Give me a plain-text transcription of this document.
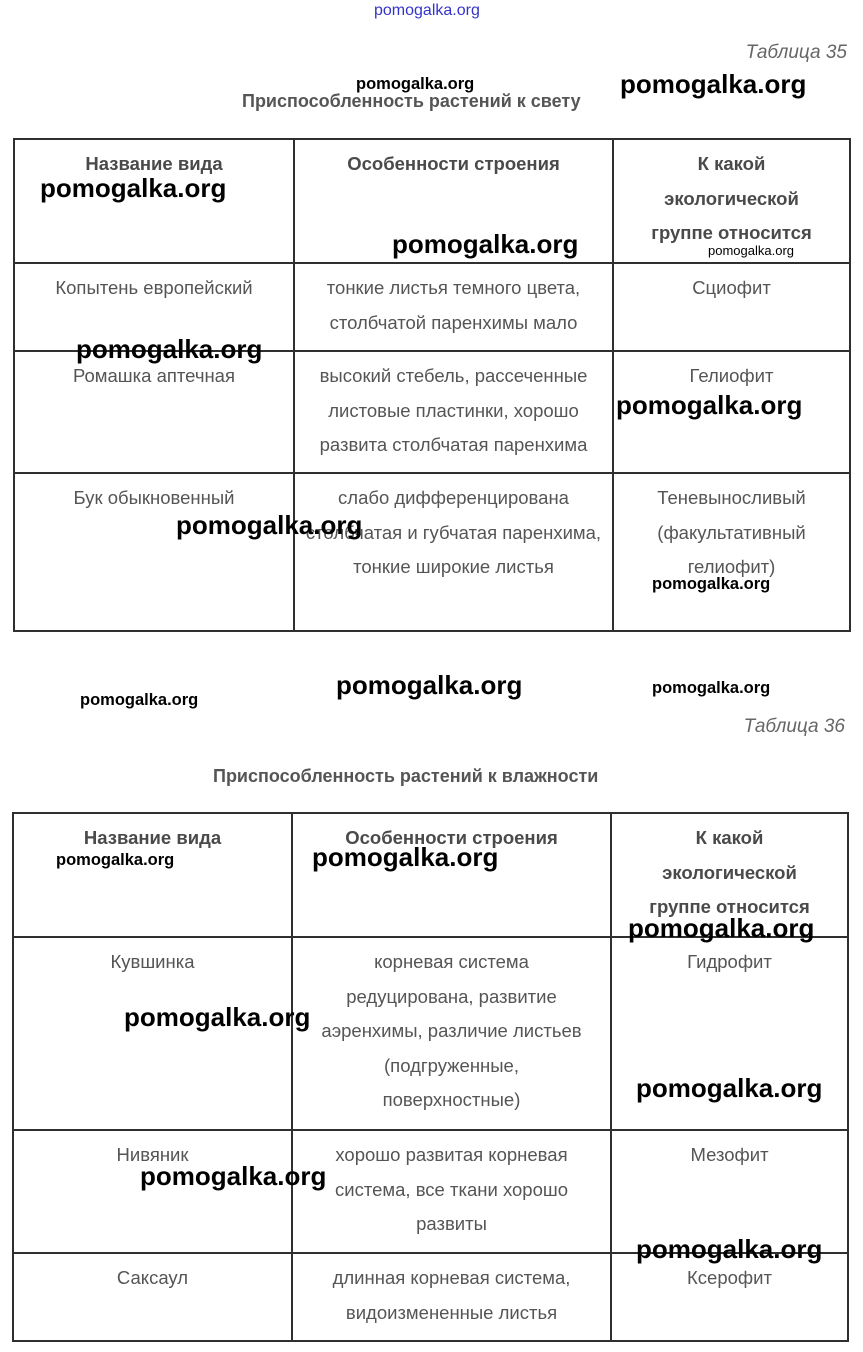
pomogalka.org
Таблица 35
Приспособленность растений к свету
Название вида	Особенности строения	К какой экологической группе относится
Копытень европейский	тонкие листья темного цвета, столбчатой паренхимы мало	Сциофит
Ромашка аптечная	высокий стебель, рассеченные листовые пластинки, хорошо развита столбчатая паренхима	Гелиофит
Бук обыкновенный	слабо дифференцирована столбчатая и губчатая паренхима, тонкие широкие листья	Теневыносливый (факультативный гелиофит)
Таблица 36
Приспособленность растений к влажности
Название вида	Особенности строения	К какой экологической группе относится
Кувшинка	корневая система редуцирована, развитие аэренхимы, различие листьев (подгруженные, поверхностные)	Гидрофит
Нивяник	хорошо развитая корневая система, все ткани хорошо развиты	Мезофит
Саксаул	длинная корневая система, видоизмененные листья	Ксерофит
pomogalka.org	pomogalka.org
pomogalka.org
pomogalka.org	pomogalka.org
pomogalka.org
pomogalka.org
pomogalka.org
pomogalka.org
pomogalka.org	pomogalka.org
pomogalka.org
pomogalka.org	pomogalka.org
pomogalka.org
pomogalka.org
pomogalka.org
pomogalka.org
pomogalka.org
